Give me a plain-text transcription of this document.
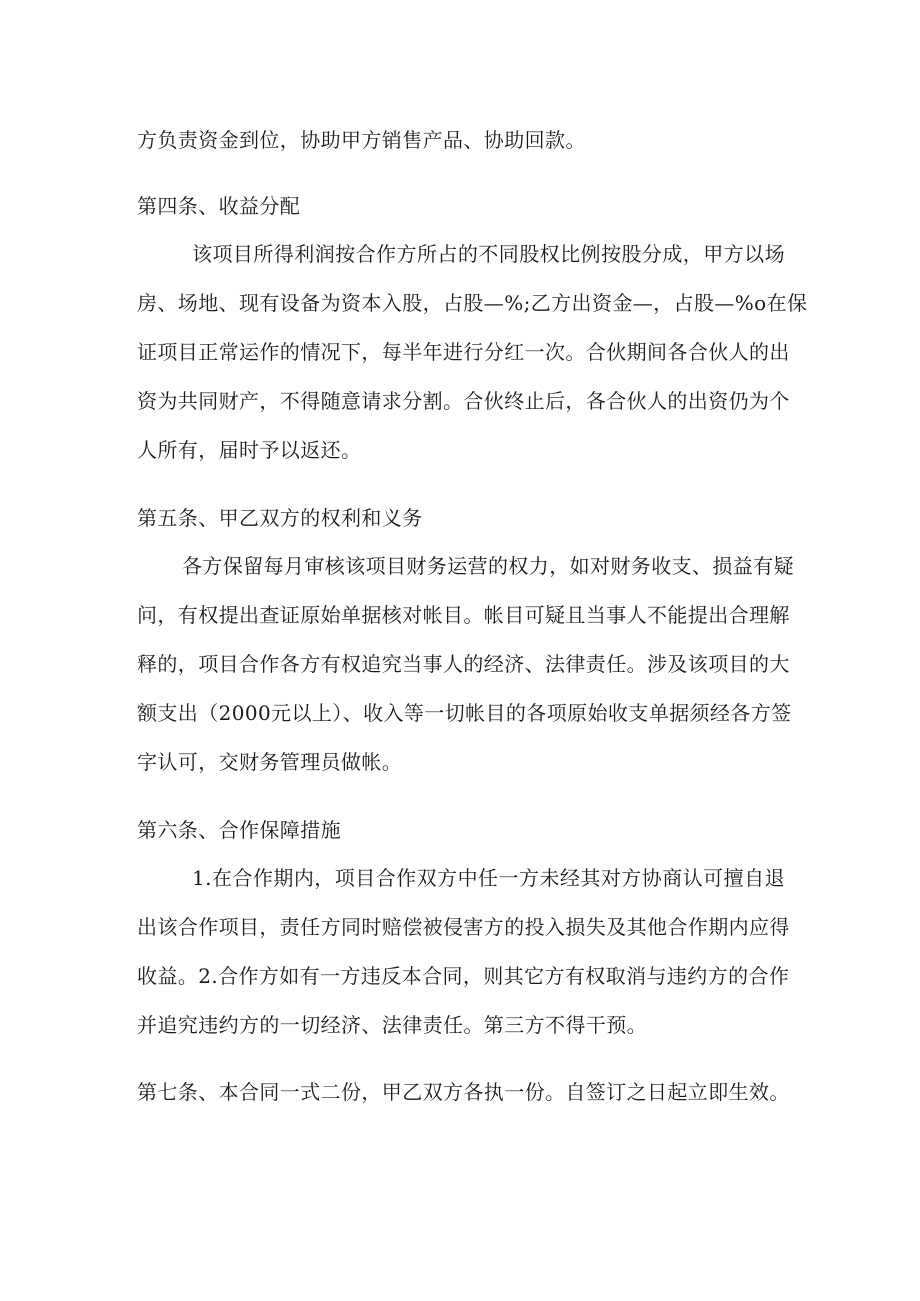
方负责资金到位，协助甲方销售产品、协助回款。
第四条、收益分配
该项目所得利润按合作方所占的不同股权比例按股分成，甲方以场
房、场地、现有设备为资本入股，占股—%;乙方出资金—，占股—%o在保
证项目正常运作的情况下，每半年进行分红一次。合伙期间各合伙人的出
资为共同财产，不得随意请求分割。合伙终止后，各合伙人的出资仍为个
人所有，届时予以返还。
第五条、甲乙双方的权利和义务
各方保留每月审核该项目财务运营的权力，如对财务收支、损益有疑
问，有权提出查证原始单据核对帐目。帐目可疑且当事人不能提出合理解
释的，项目合作各方有权追究当事人的经济、法律责任。涉及该项目的大
额支出（2000元以上）、收入等一切帐目的各项原始收支单据须经各方签
字认可，交财务管理员做帐。
第六条、合作保障措施
1.在合作期内，项目合作双方中任一方未经其对方协商认可擅自退
出该合作项目，责任方同时赔偿被侵害方的投入损失及其他合作期内应得
收益。2.合作方如有一方违反本合同，则其它方有权取消与违约方的合作
并追究违约方的一切经济、法律责任。第三方不得干预。
第七条、本合同一式二份，甲乙双方各执一份。自签订之日起立即生效。
